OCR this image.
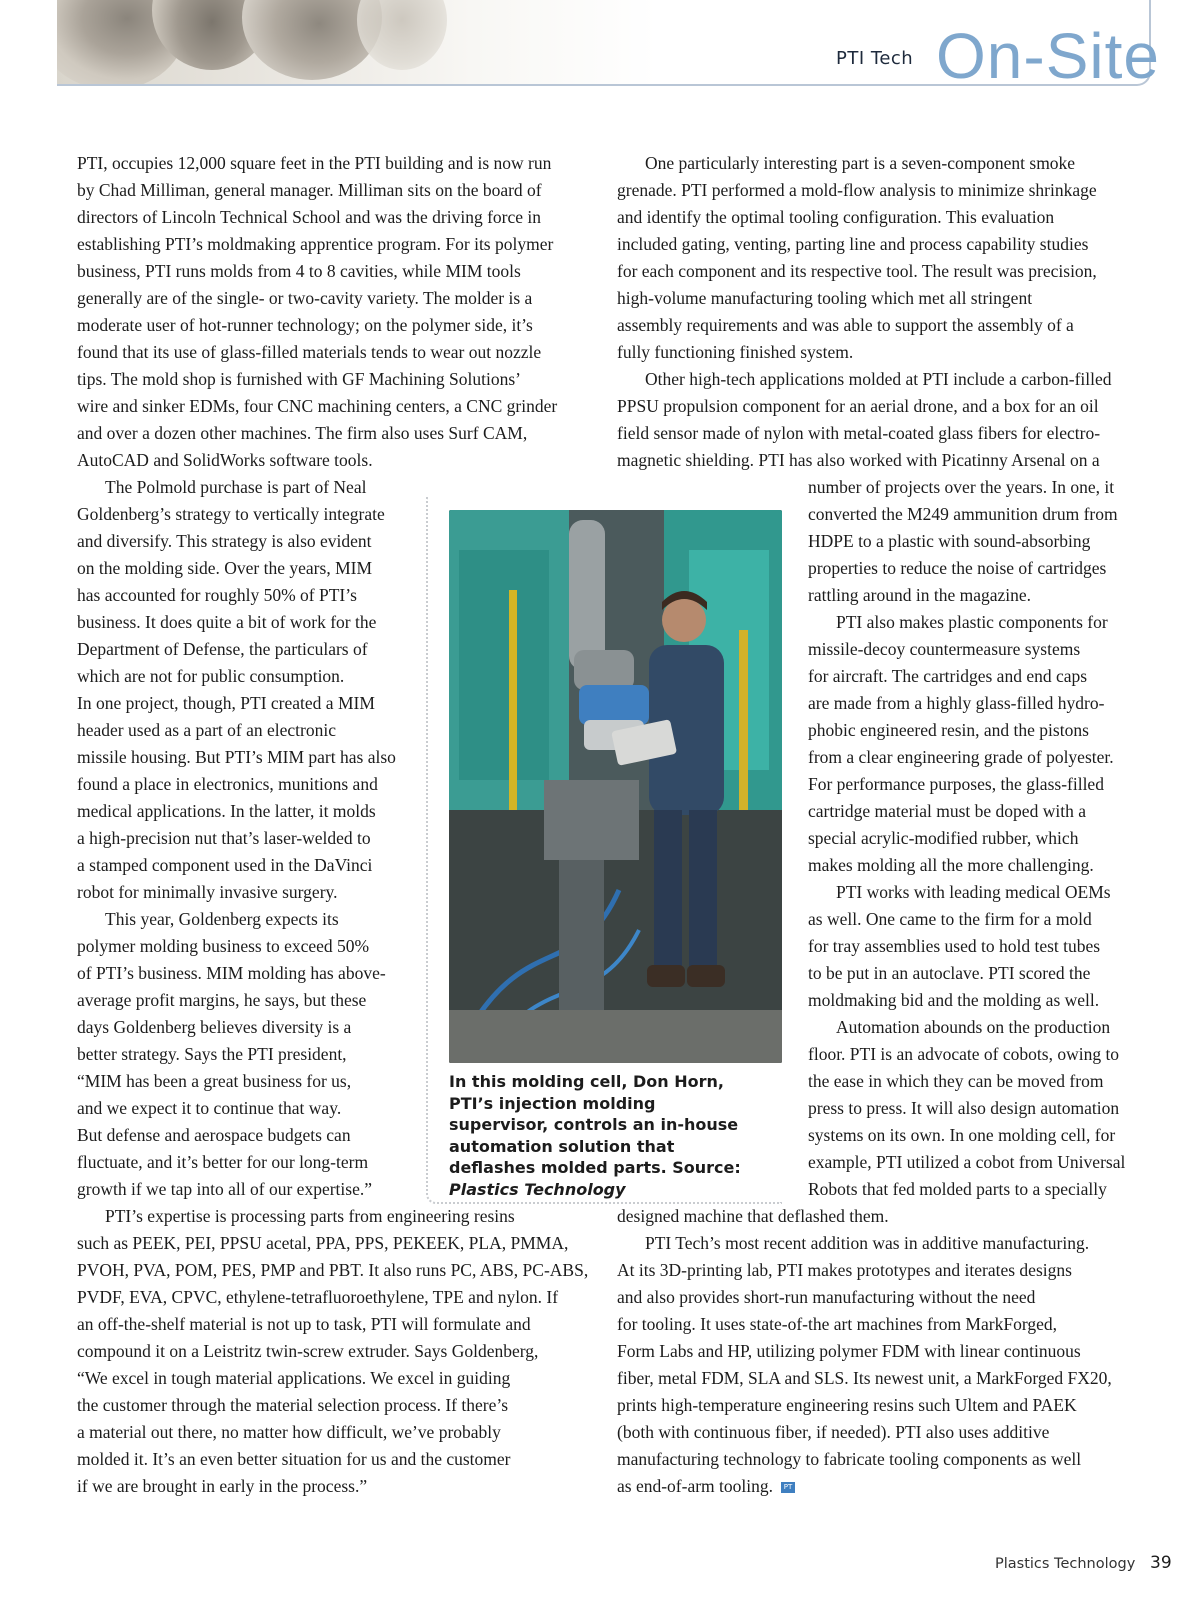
PTI Tech On-Site
PTI, occupies 12,000 square feet in the PTI building and is now run
by Chad Milliman, general manager. Milliman sits on the board of
directors of Lincoln Technical School and was the driving force in
establishing PTI’s moldmaking apprentice program. For its polymer
business, PTI runs molds from 4 to 8 cavities, while MIM tools
generally are of the single- or two-cavity variety. The molder is a
moderate user of hot-runner technology; on the polymer side, it’s
found that its use of glass-filled materials tends to wear out nozzle
tips. The mold shop is furnished with GF Machining Solutions’
wire and sinker EDMs, four CNC machining centers, a CNC grinder
and over a dozen other machines. The firm also uses Surf CAM,
AutoCAD and SolidWorks software tools.
The Polmold purchase is part of Neal
Goldenberg’s strategy to vertically integrate
and diversify. This strategy is also evident
on the molding side. Over the years, MIM
has accounted for roughly 50% of PTI’s
business. It does quite a bit of work for the
Department of Defense, the particulars of
which are not for public consumption.
In one project, though, PTI created a MIM
header used as a part of an electronic
missile housing. But PTI’s MIM part has also
found a place in electronics, munitions and
medical applications. In the latter, it molds
a high-precision nut that’s laser-welded to
a stamped component used in the DaVinci
robot for minimally invasive surgery.
This year, Goldenberg expects its
polymer molding business to exceed 50%
of PTI’s business. MIM molding has above-
average profit margins, he says, but these
days Goldenberg believes diversity is a
better strategy. Says the PTI president,
“MIM has been a great business for us,
and we expect it to continue that way.
But defense and aerospace budgets can
fluctuate, and it’s better for our long-term
growth if we tap into all of our expertise.”
PTI’s expertise is processing parts from engineering resins
such as PEEK, PEI, PPSU acetal, PPA, PPS, PEKEEK, PLA, PMMA,
PVOH, PVA, POM, PES, PMP and PBT. It also runs PC, ABS, PC-ABS,
PVDF, EVA, CPVC, ethylene-tetrafluoroethylene, TPE and nylon. If
an off-the-shelf material is not up to task, PTI will formulate and
compound it on a Leistritz twin-screw extruder. Says Goldenberg,
“We excel in tough material applications. We excel in guiding
the customer through the material selection process. If there’s
a material out there, no matter how difficult, we’ve probably
molded it. It’s an even better situation for us and the customer
if we are brought in early in the process.”
One particularly interesting part is a seven-component smoke
grenade. PTI performed a mold-flow analysis to minimize shrinkage
and identify the optimal tooling configuration. This evaluation
included gating, venting, parting line and process capability studies
for each component and its respective tool. The result was precision,
high-volume manufacturing tooling which met all stringent
assembly requirements and was able to support the assembly of a
fully functioning finished system.
Other high-tech applications molded at PTI include a carbon-filled
PPSU propulsion component for an aerial drone, and a box for an oil
field sensor made of nylon with metal-coated glass fibers for electro-
magnetic shielding. PTI has also worked with Picatinny Arsenal on a
number of projects over the years. In one, it
converted the M249 ammunition drum from
HDPE to a plastic with sound-absorbing
properties to reduce the noise of cartridges
rattling around in the magazine.
PTI also makes plastic components for
missile-decoy countermeasure systems
for aircraft. The cartridges and end caps
are made from a highly glass-filled hydro-
phobic engineered resin, and the pistons
from a clear engineering grade of polyester.
For performance purposes, the glass-filled
cartridge material must be doped with a
special acrylic-modified rubber, which
makes molding all the more challenging.
PTI works with leading medical OEMs
as well. One came to the firm for a mold
for tray assemblies used to hold test tubes
to be put in an autoclave. PTI scored the
moldmaking bid and the molding as well.
Automation abounds on the production
floor. PTI is an advocate of cobots, owing to
the ease in which they can be moved from
press to press. It will also design automation
systems on its own. In one molding cell, for
example, PTI utilized a cobot from Universal
Robots that fed molded parts to a specially
designed machine that deflashed them.
PTI Tech’s most recent addition was in additive manufacturing.
At its 3D-printing lab, PTI makes prototypes and iterates designs
and also provides short-run manufacturing without the need
for tooling. It uses state-of-the art machines from MarkForged,
Form Labs and HP, utilizing polymer FDM with linear continuous
fiber, metal FDM, SLA and SLS. Its newest unit, a MarkForged FX20,
prints high-temperature engineering resins such Ultem and PAEK
(both with continuous fiber, if needed). PTI also uses additive
manufacturing technology to fabricate tooling components as well
as end-of-arm tooling. PT
In this molding cell, Don Horn, PTI’s injection molding supervisor, controls an in-house automation solution that deflashes molded parts. Source: Plastics Technology
Plastics Technology 39
